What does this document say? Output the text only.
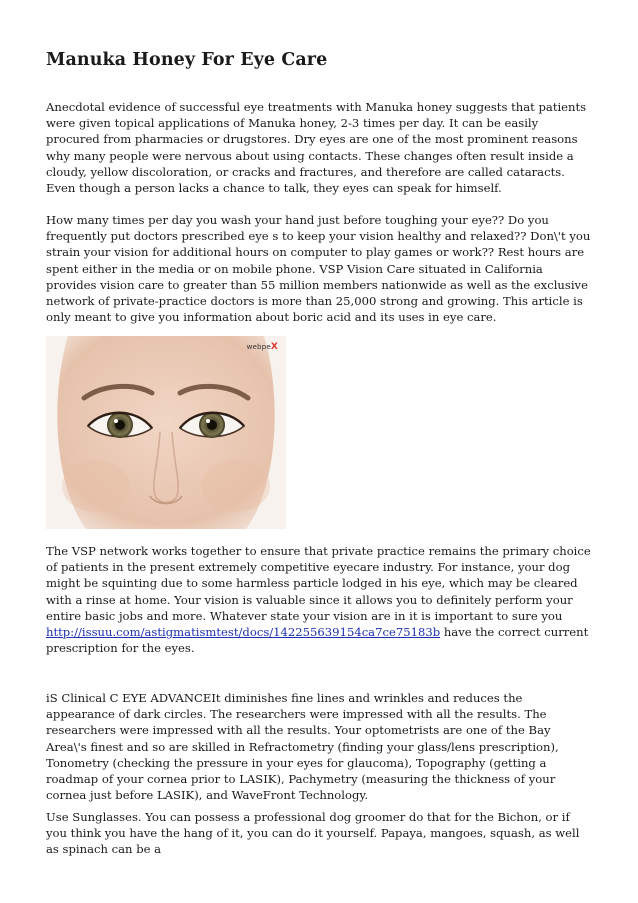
Manuka Honey For Eye Care

Anecdotal evidence of successful eye treatments with Manuka honey suggests that patients were given topical applications of Manuka honey, 2-3 times per day. It can be easily procured from pharmacies or drugstores. Dry eyes are one of the most prominent reasons why many people were nervous about using contacts. These changes often result inside a cloudy, yellow discoloration, or cracks and fractures, and therefore are called cataracts. Even though a person lacks a chance to talk, they eyes can speak for himself.

How many times per day you wash your hand just before toughing your eye?? Do you frequently put doctors prescribed eye s to keep your vision healthy and relaxed?? Don\'t you strain your vision for additional hours on computer to play games or work?? Rest hours are spent either in the media or on mobile phone. VSP Vision Care situated in California provides vision care to greater than 55 million members nationwide as well as the exclusive network of private-practice doctors is more than 25,000 strong and growing. This article is only meant to give you information about boric acid and its uses in eye care.

webpeX

The VSP network works together to ensure that private practice remains the primary choice of patients in the present extremely competitive eyecare industry. For instance, your dog might be squinting due to some harmless particle lodged in his eye, which may be cleared with a rinse at home. Your vision is valuable since it allows you to definitely perform your entire basic jobs and more. Whatever state your vision are in it is important to sure you http://issuu.com/astigmatismtest/docs/142255639154ca7ce75183b have the correct current prescription for the eyes.

iS Clinical C EYE ADVANCEIt diminishes fine lines and wrinkles and reduces the appearance of dark circles. The researchers were impressed with all the results. The researchers were impressed with all the results. Your optometrists are one of the Bay Area\'s finest and so are skilled in Refractometry (finding your glass/lens prescription), Tonometry (checking the pressure in your eyes for glaucoma), Topography (getting a roadmap of your cornea prior to LASIK), Pachymetry (measuring the thickness of your cornea just before LASIK), and WaveFront Technology.

Use Sunglasses. You can possess a professional dog groomer do that for the Bichon, or if you think you have the hang of it, you can do it yourself. Papaya, mangoes, squash, as well as spinach can be a
